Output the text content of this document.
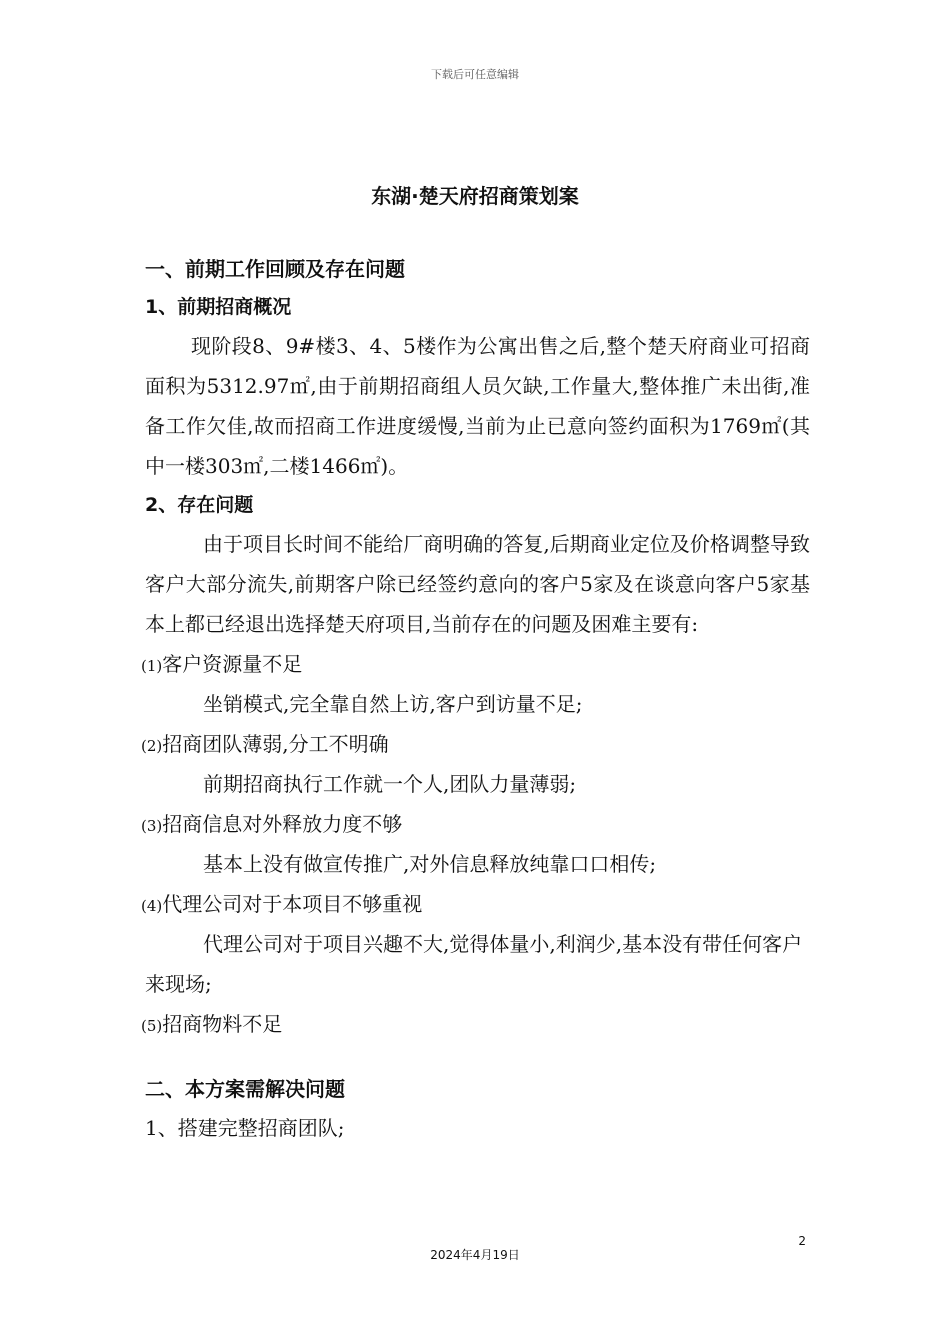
下载后可任意编辑
东湖·楚天府招商策划案
一、前期工作回顾及存在问题
1、前期招商概况

现阶段8、9#楼3、4、5楼作为公寓出售之后,整个楚天府商业可招商面积为5312.97㎡,由于前期招商组人员欠缺,工作量大,整体推广未出街,准备工作欠佳,故而招商工作进度缓慢,当前为止已意向签约面积为1769㎡(其中一楼303㎡,二楼1466㎡)。

2、存在问题

由于项目长时间不能给厂商明确的答复,后期商业定位及价格调整导致客户大部分流失,前期客户除已经签约意向的客户5家及在谈意向客户5家基本上都已经退出选择楚天府项目,当前存在的问题及困难主要有:

(1)客户资源量不足

坐销模式,完全靠自然上访,客户到访量不足;

(2)招商团队薄弱,分工不明确

前期招商执行工作就一个人,团队力量薄弱;

(3)招商信息对外释放力度不够

基本上没有做宣传推广,对外信息释放纯靠口口相传;

(4)代理公司对于本项目不够重视

代理公司对于项目兴趣不大,觉得体量小,利润少,基本没有带任何客户来现场;

(5)招商物料不足
二、本方案需解决问题
1、搭建完整招商团队;
2
2024年4月19日
